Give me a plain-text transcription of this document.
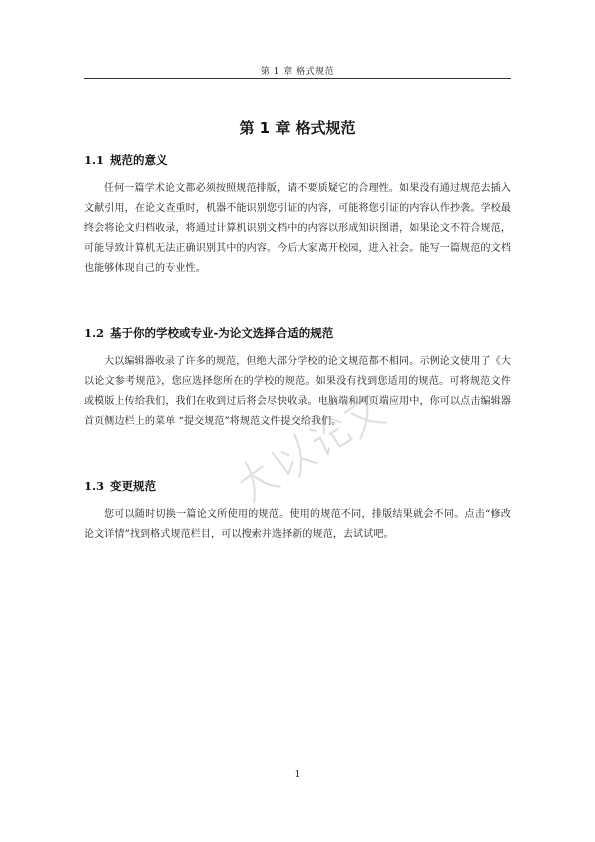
第 1 章 格式规范
第 1 章 格式规范
1.1 规范的意义

任何一篇学术论文都必须按照规范排版，请不要质疑它的合理性。如果没有通过规范去插入文献引用，在论文查重时，机器不能识别您引证的内容，可能将您引证的内容认作抄袭。学校最终会将论文归档收录，将通过计算机识别文档中的内容以形成知识图谱，如果论文不符合规范，可能导致计算机无法正确识别其中的内容。今后大家离开校园，进入社会。能写一篇规范的文档也能够体现自己的专业性。

1.2 基于你的学校或专业-为论文选择合适的规范

大以编辑器收录了许多的规范，但绝大部分学校的论文规范都不相同。示例论文使用了《大以论文参考规范》，您应选择您所在的学校的规范。如果没有找到您适用的规范。可将规范文件或模版上传给我们，我们在收到过后将会尽快收录。电脑端和网页端应用中，你可以点击编辑器首页侧边栏上的菜单 “提交规范”将规范文件提交给我们。

1.3 变更规范

您可以随时切换一篇论文所使用的规范。使用的规范不同，排版结果就会不同。点击“修改论文详情”找到格式规范栏目，可以搜索并选择新的规范，去试试吧。

1
